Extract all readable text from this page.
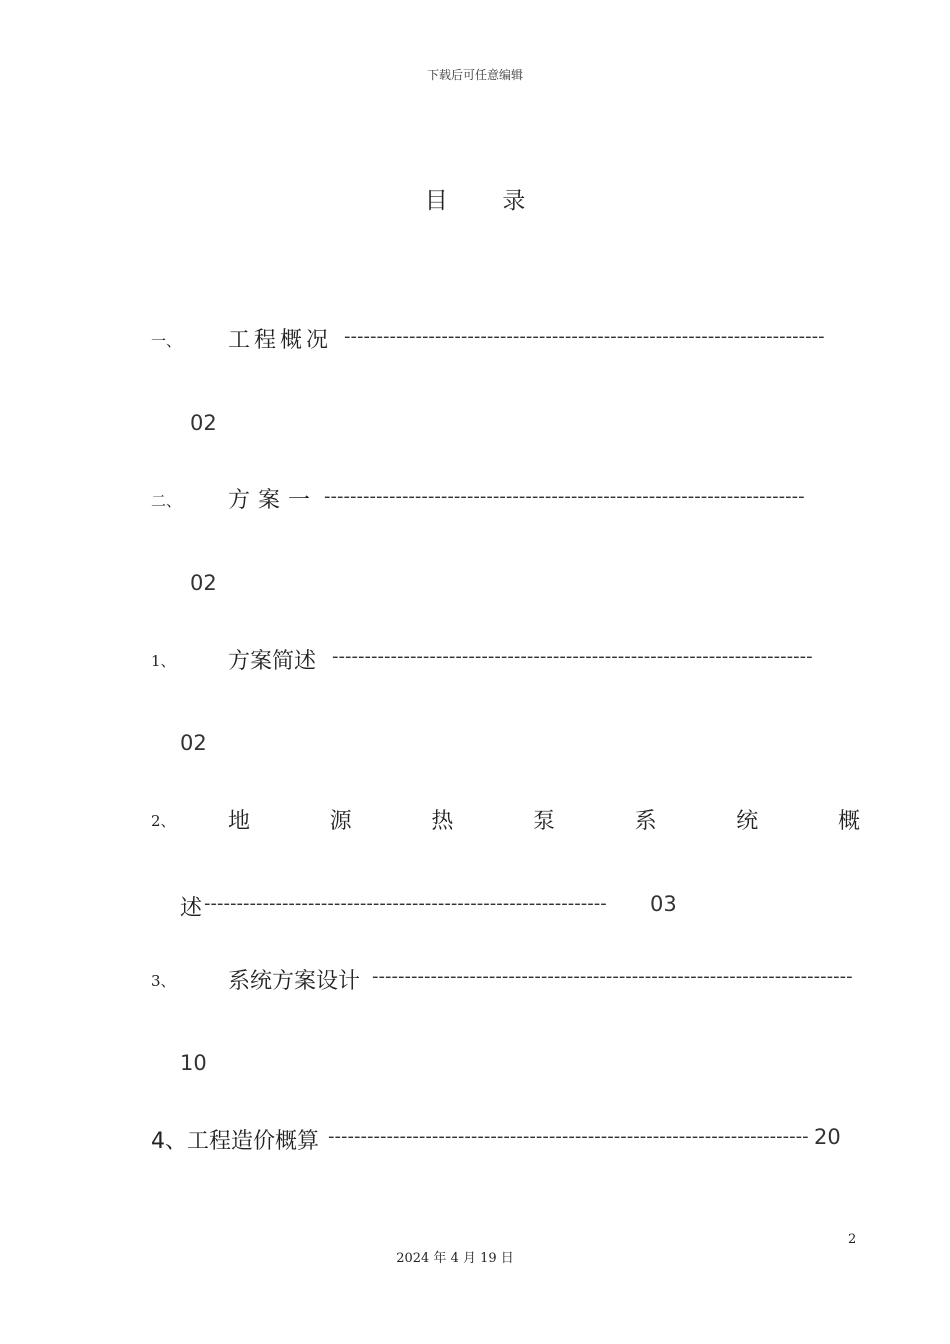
下载后可任意编辑
目 录
一、 工程概况 --------------------------------------------------------------------------
02
二、 方案一 --------------------------------------------------------------------------
02
1、 方案简述 --------------------------------------------------------------------------
02
2、 地	源	热	泵	系	统	概
述 --------------------------------------------------------------	03
3、 系统方案设计 --------------------------------------------------------------------------
10
4、工程造价概算 -------------------------------------------------------------------------- 20
2
2024 年 4 月 19 日
